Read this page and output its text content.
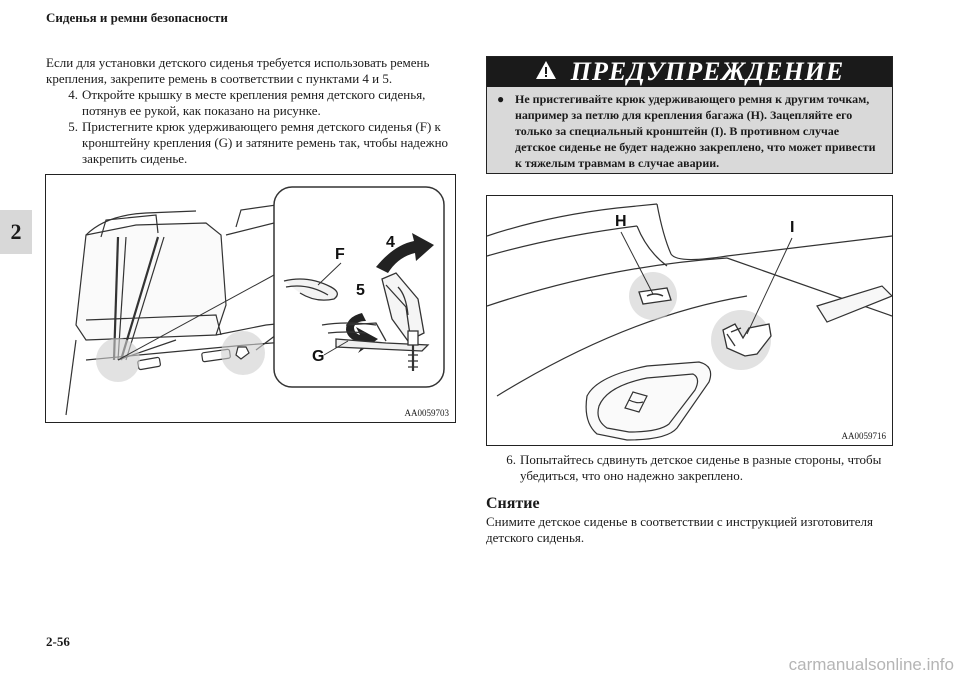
Сиденья и ремни безопасности
2

Если для установки детского сиденья требуется использовать ремень крепления, закрепите ремень в соответствии с пунктами 4 и 5.

4. Откройте крышку в месте крепления ремня детского сиденья, потянув ее рукой, как показано на рисунке.
5. Пристегните крюк удерживающего ремня детского сиденья (F) к кронштейну крепления (G) и затяните ремень так, чтобы надежно закрепить сиденье.
F
4
5
G
AA0059703
ПРЕДУПРЕЖДЕНИЕ
● Не пристегивайте крюк удерживающего ремня к другим точкам, например за петлю для крепления багажа (H). Зацепляйте его только за специальный кронштейн (I). В противном случае детское сиденье не будет надежно закреплено, что может привести к тяжелым травмам в случае аварии.
H	I
AA0059716
6. Попытайтесь сдвинуть детское сиденье в разные стороны, чтобы убедиться, что оно надежно закреплено.
Снятие
Снимите детское сиденье в соответствии с инструкцией изготовителя детского сиденья.
2-56
carmanualsonline.info
